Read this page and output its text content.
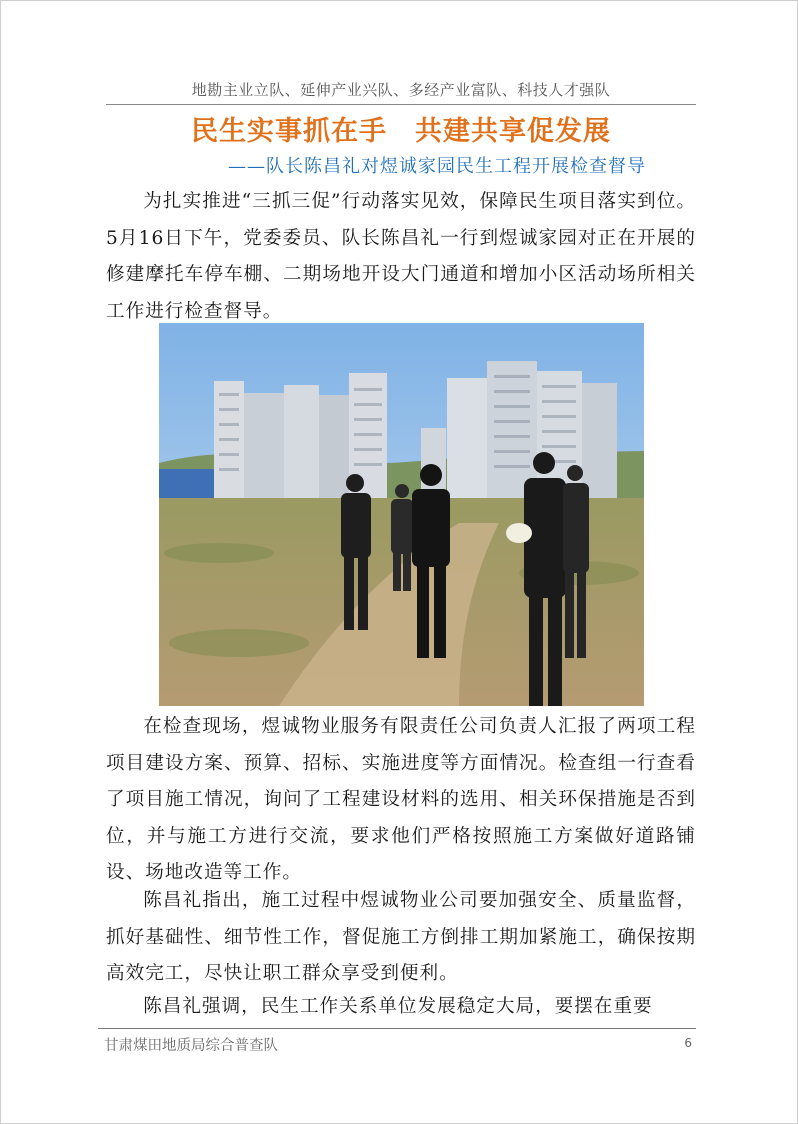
地勘主业立队、延伸产业兴队、多经产业富队、科技人才强队
民生实事抓在手　共建共享促发展
——队长陈昌礼对煜诚家园民生工程开展检查督导

为扎实推进“三抓三促”行动落实见效，保障民生项目落实到位。5月16日下午，党委委员、队长陈昌礼一行到煜诚家园对正在开展的修建摩托车停车棚、二期场地开设大门通道和增加小区活动场所相关工作进行检查督导。

在检查现场，煜诚物业服务有限责任公司负责人汇报了两项工程项目建设方案、预算、招标、实施进度等方面情况。检查组一行查看了项目施工情况，询问了工程建设材料的选用、相关环保措施是否到位，并与施工方进行交流，要求他们严格按照施工方案做好道路铺设、场地改造等工作。

陈昌礼指出，施工过程中煜诚物业公司要加强安全、质量监督，抓好基础性、细节性工作，督促施工方倒排工期加紧施工，确保按期高效完工，尽快让职工群众享受到便利。

陈昌礼强调，民生工作关系单位发展稳定大局，要摆在重要

甘肃煤田地质局综合普查队	6
